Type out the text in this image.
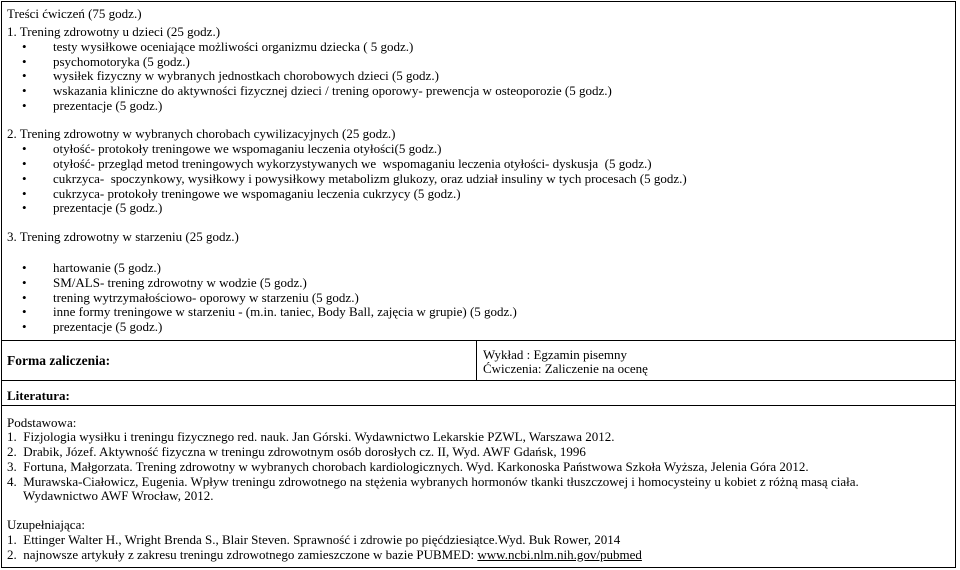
Treści ćwiczeń (75 godz.)
1. Trening zdrowotny u dzieci (25 godz.)
• testy wysiłkowe oceniające możliwości organizmu dziecka ( 5 godz.)
• psychomotoryka (5 godz.)
• wysiłek fizyczny w wybranych jednostkach chorobowych dzieci (5 godz.)
• wskazania kliniczne do aktywności fizycznej dzieci / trening oporowy- prewencja w osteoporozie (5 godz.)
• prezentacje (5 godz.)
2. Trening zdrowotny w wybranych chorobach cywilizacyjnych (25 godz.)
• otyłość- protokoły treningowe we wspomaganiu leczenia otyłości(5 godz.)
• otyłość- przegląd metod treningowych wykorzystywanych we  wspomaganiu leczenia otyłości- dyskusja  (5 godz.)
• cukrzyca-  spoczynkowy, wysiłkowy i powysiłkowy metabolizm glukozy, oraz udział insuliny w tych procesach (5 godz.)
• cukrzyca- protokoły treningowe we wspomaganiu leczenia cukrzycy (5 godz.)
• prezentacje (5 godz.)
3. Trening zdrowotny w starzeniu (25 godz.)
• hartowanie (5 godz.)
• SM/ALS- trening zdrowotny w wodzie (5 godz.)
• trening wytrzymałościowo- oporowy w starzeniu (5 godz.)
• inne formy treningowe w starzeniu - (m.in. taniec, Body Ball, zajęcia w grupie) (5 godz.)
• prezentacje (5 godz.)
Forma zaliczenia:	Wykład : Egzamin pisemny
Ćwiczenia: Zaliczenie na ocenę
Literatura:
Podstawowa:
1.  Fizjologia wysiłku i treningu fizycznego red. nauk. Jan Górski. Wydawnictwo Lekarskie PZWL, Warszawa 2012.
2.  Drabik, Józef. Aktywność fizyczna w treningu zdrowotnym osób dorosłych cz. II, Wyd. AWF Gdańsk, 1996
3.  Fortuna, Małgorzata. Trening zdrowotny w wybranych chorobach kardiologicznych. Wyd. Karkonoska Państwowa Szkoła Wyższa, Jelenia Góra 2012.
4.  Murawska-Ciałowicz, Eugenia. Wpływ treningu zdrowotnego na stężenia wybranych hormonów tkanki tłuszczowej i homocysteiny u kobiet z różną masą ciała.
Wydawnictwo AWF Wrocław, 2012.
Uzupełniająca:
1.  Ettinger Walter H., Wright Brenda S., Blair Steven. Sprawność i zdrowie po pięćdziesiątce.Wyd. Buk Rower, 2014
2.  najnowsze artykuły z zakresu treningu zdrowotnego zamieszczone w bazie PUBMED: www.ncbi.nlm.nih.gov/pubmed
